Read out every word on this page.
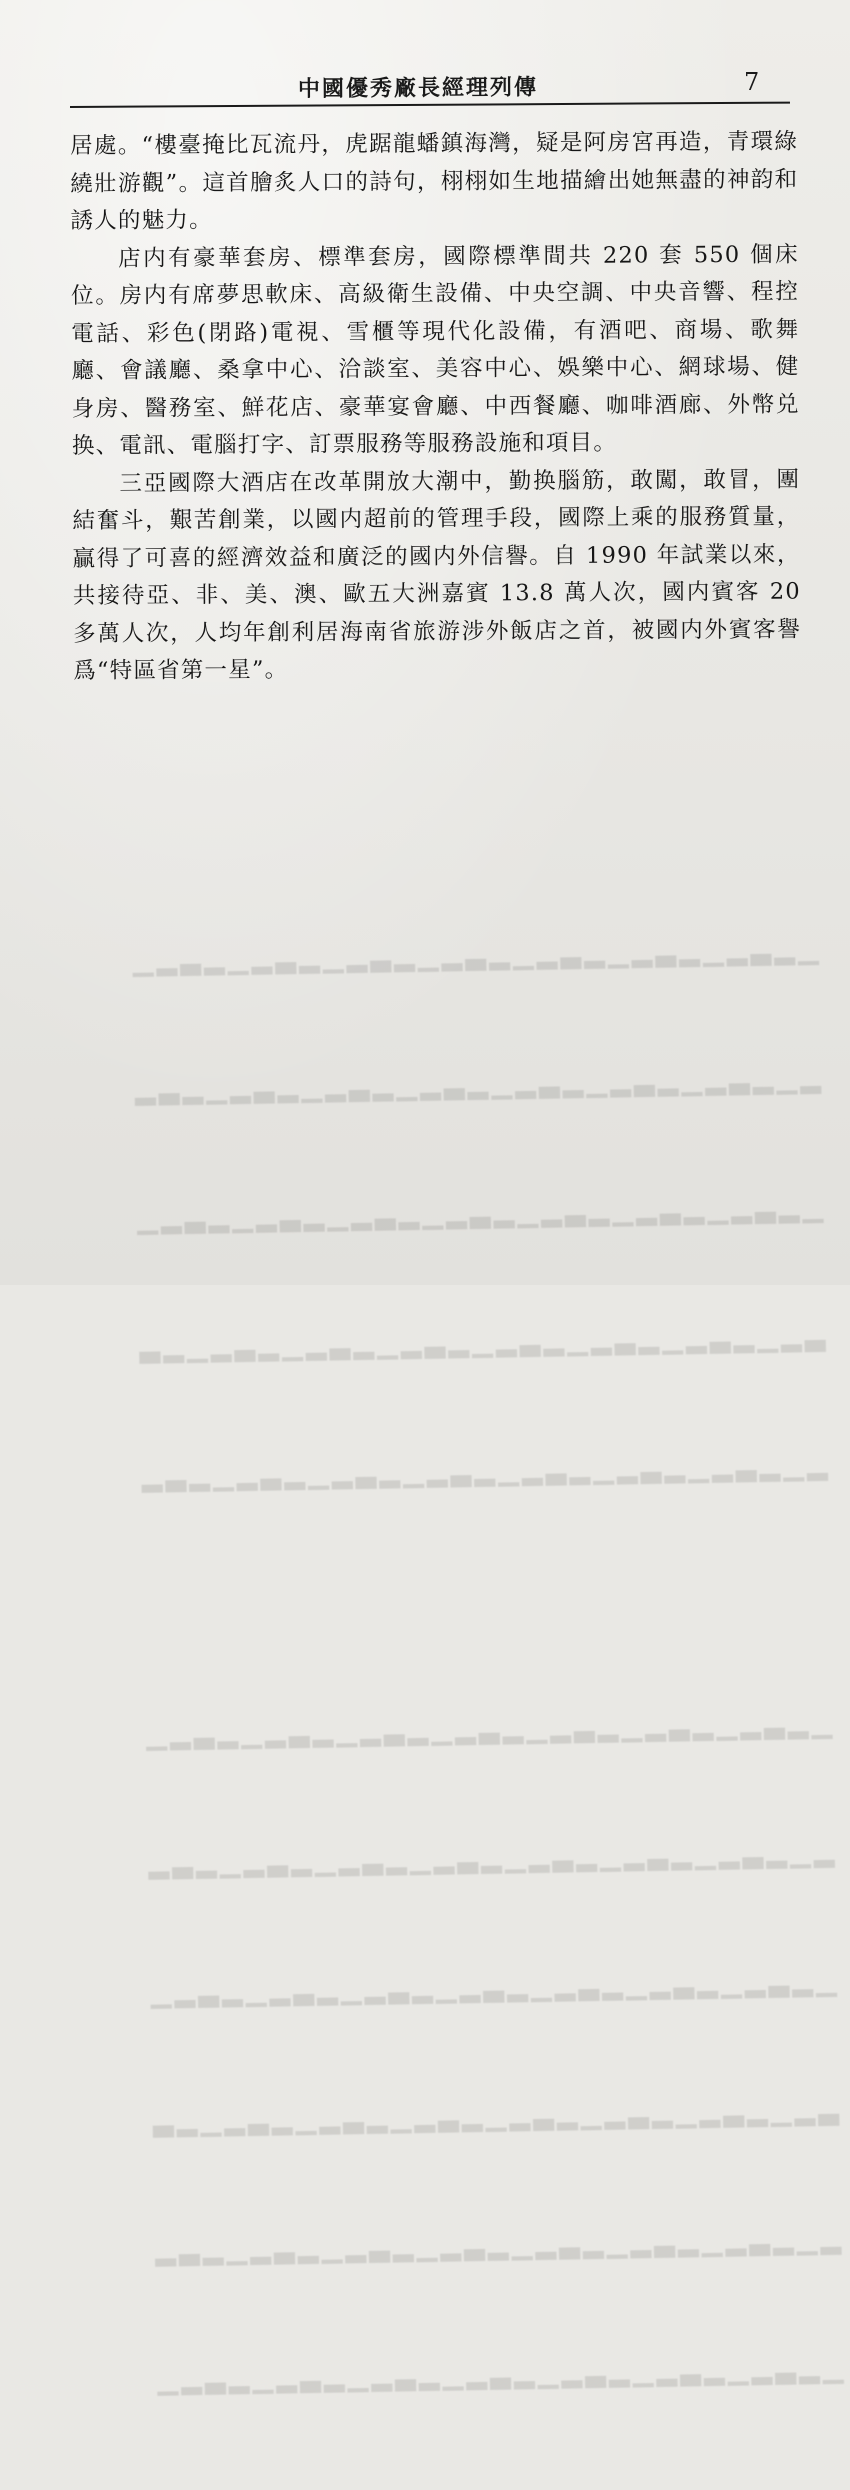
▁▂▃▂▁▂▃▂▁▂▃▂▁▂▃▂▁▂▃▂▁▂▃▂▁▂▃▂▁

▂▁▂▃▂▁▂▃▂▁▂▃▂▁▂▃▂▁▂▃▂▁▂▃▂▁▂▃▂

▁▂▃▂▁▂▃▂▁▂▃▂▁▂▃▂▁▂▃▂▁▂▃▂▁▂▃▂▁

▃▂▁▂▃▂▁▂▃▂▁▂▃▂▁▂▃▂▁▂▃▂▁▂▃▂▁▂▃

▂▁▂▃▂▁▂▃▂▁▂▃▂▁▂▃▂▁▂▃▂▁▂▃▂▁▂▃▂

▁▂▃▂▁▂▃▂▁▂▃▂▁▂▃▂▁▂▃▂▁▂▃▂▁▂▃▂▁

▂▁▂▃▂▁▂▃▂▁▂▃▂▁▂▃▂▁▂▃▂▁▂▃▂▁▂▃▂

▁▂▃▂▁▂▃▂▁▂▃▂▁▂▃▂▁▂▃▂▁▂▃▂▁▂▃▂▁

▃▂▁▂▃▂▁▂▃▂▁▂▃▂▁▂▃▂▁▂▃▂▁▂▃▂▁▂▃

▂▁▂▃▂▁▂▃▂▁▂▃▂▁▂▃▂▁▂▃▂▁▂▃▂▁▂▃▂

▁▂▃▂▁▂▃▂▁▂▃▂▁▂▃▂▁▂▃▂▁▂▃▂▁▂▃▂▁

中國優秀廠長經理列傳	7

居處。“樓臺掩比瓦流丹，虎踞龍蟠鎮海灣，疑是阿房宮再造，青環綠繞壯游觀”。這首膾炙人口的詩句，栩栩如生地描繪出她無盡的神韵和誘人的魅力。

店内有豪華套房、標準套房，國際標準間共 220 套 550 個床位。房内有席夢思軟床、高級衛生設備、中央空調、中央音響、程控電話、彩色(閉路)電視、雪櫃等現代化設備，有酒吧、商場、歌舞廳、會議廳、桑拿中心、洽談室、美容中心、娛樂中心、網球場、健身房、醫務室、鮮花店、豪華宴會廳、中西餐廳、咖啡酒廊、外幣兑换、電訊、電腦打字、訂票服務等服務設施和項目。

三亞國際大酒店在改革開放大潮中，勤换腦筋，敢闖，敢冒，團結奮斗，艱苦創業，以國内超前的管理手段，國際上乘的服務質量，贏得了可喜的經濟效益和廣泛的國内外信譽。自 1990 年試業以來，共接待亞、非、美、澳、歐五大洲嘉賓 13.8 萬人次，國内賓客 20 多萬人次，人均年創利居海南省旅游涉外飯店之首，被國内外賓客譽爲“特區省第一星”。
